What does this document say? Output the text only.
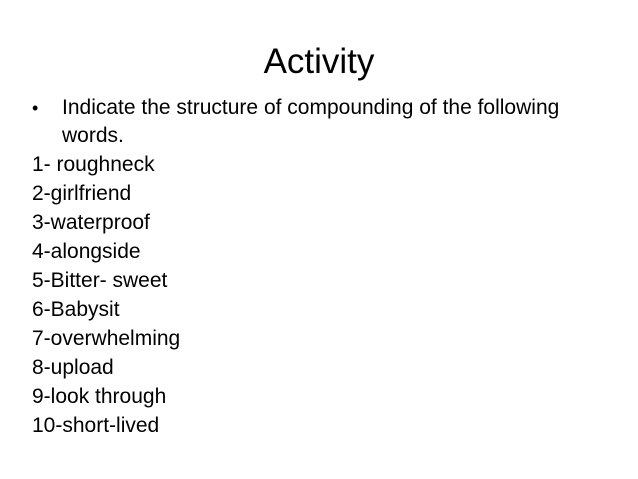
Activity
•	Indicate the structure of compounding of the following words.
1- roughneck
2-girlfriend
3-waterproof
4-alongside
5-Bitter- sweet
6-Babysit
7-overwhelming
8-upload
9-look through
10-short-lived
